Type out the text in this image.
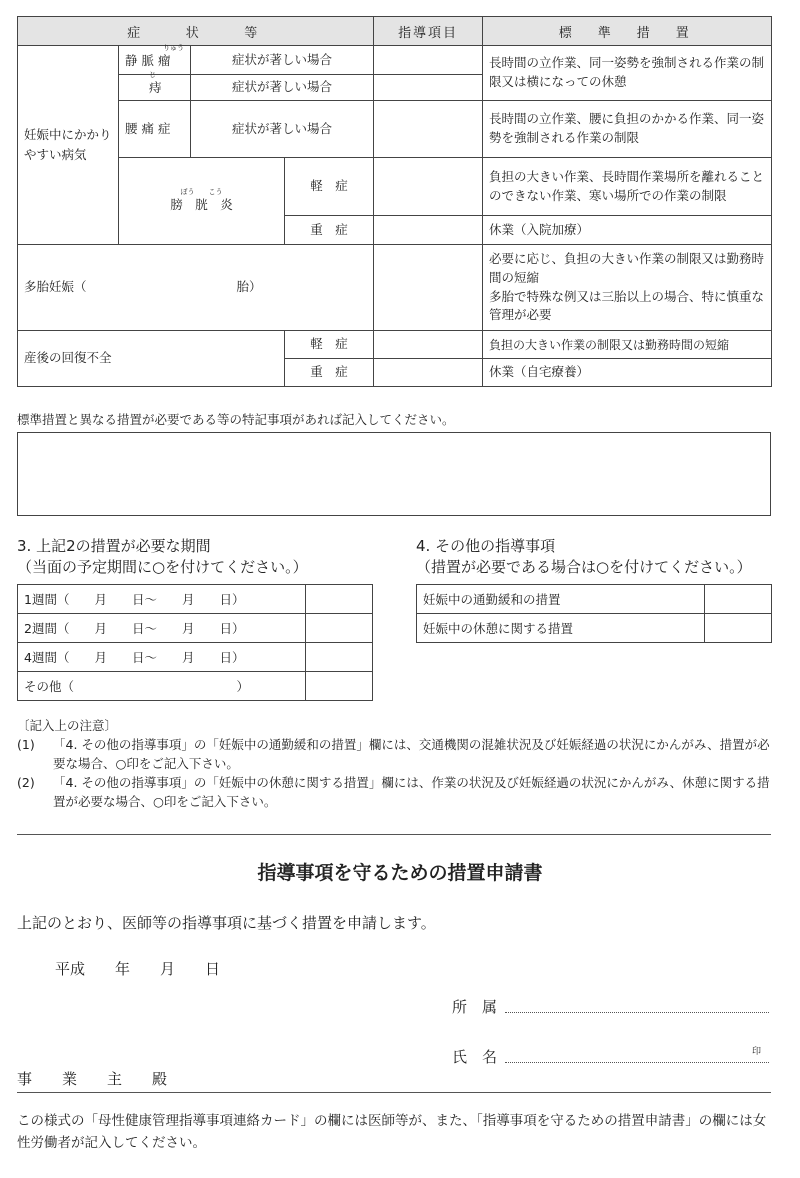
症　　状　　等				指導項目	標　準　措　置
妊娠中にかかりやすい病気	りゅう
静 脈 瘤	症状が著しい場合			長時間の立作業、同一姿勢を強制される作業の制限又は横になっての休憩

	じ
痔	症状が著しい場合			
	腰 痛 症	症状が著しい場合			長時間の立作業、腰に負担のかかる作業、同一姿勢を強制される作業の制限

	ぼう　　こう
膀　胱　炎		軽　症		負担の大きい作業、長時間作業場所を離れることのできない作業、寒い場所での作業の制限
			重　症		休業（入院加療）
多胎妊娠（　　　　　　　　　　　　胎）					必要に応じ、負担の大きい作業の制限又は勤務時間の短縮
多胎で特殊な例又は三胎以上の場合、特に慎重な管理が必要

産後の回復不全			軽　症		負担の大きい作業の制限又は勤務時間の短縮
			重　症		休業（自宅療養）
標準措置と異なる措置が必要である等の特記事項があれば記入してください。
3. 上記2の措置が必要な期間
（当面の予定期間に○を付けてください。）
1週間（　　月　　日〜　　月　　日）	
2週間（　　月　　日〜　　月　　日）	
4週間（　　月　　日〜　　月　　日）	
その他（　　　　　　　　　　　　　）	
4. その他の指導事項
（措置が必要である場合は○を付けてください。）
妊娠中の通勤緩和の措置	
妊娠中の休憩に関する措置	
〔記入上の注意〕
(1)	「4. その他の指導事項」の「妊娠中の通勤緩和の措置」欄には、交通機関の混雑状況及び妊娠経過の状況にかんがみ、措置が必要な場合、○印をご記入下さい。
(2)	「4. その他の指導事項」の「妊娠中の休憩に関する措置」欄には、作業の状況及び妊娠経過の状況にかんがみ、休憩に関する措置が必要な場合、○印をご記入下さい。
指導事項を守るための措置申請書
上記のとおり、医師等の指導事項に基づく措置を申請します。
平成　　年　　月　　日
所　属
氏　名	印
事　　業　　主　　殿
この様式の「母性健康管理指導事項連絡カード」の欄には医師等が、また、「指導事項を守るための措置申請書」の欄には女性労働者が記入してください。
